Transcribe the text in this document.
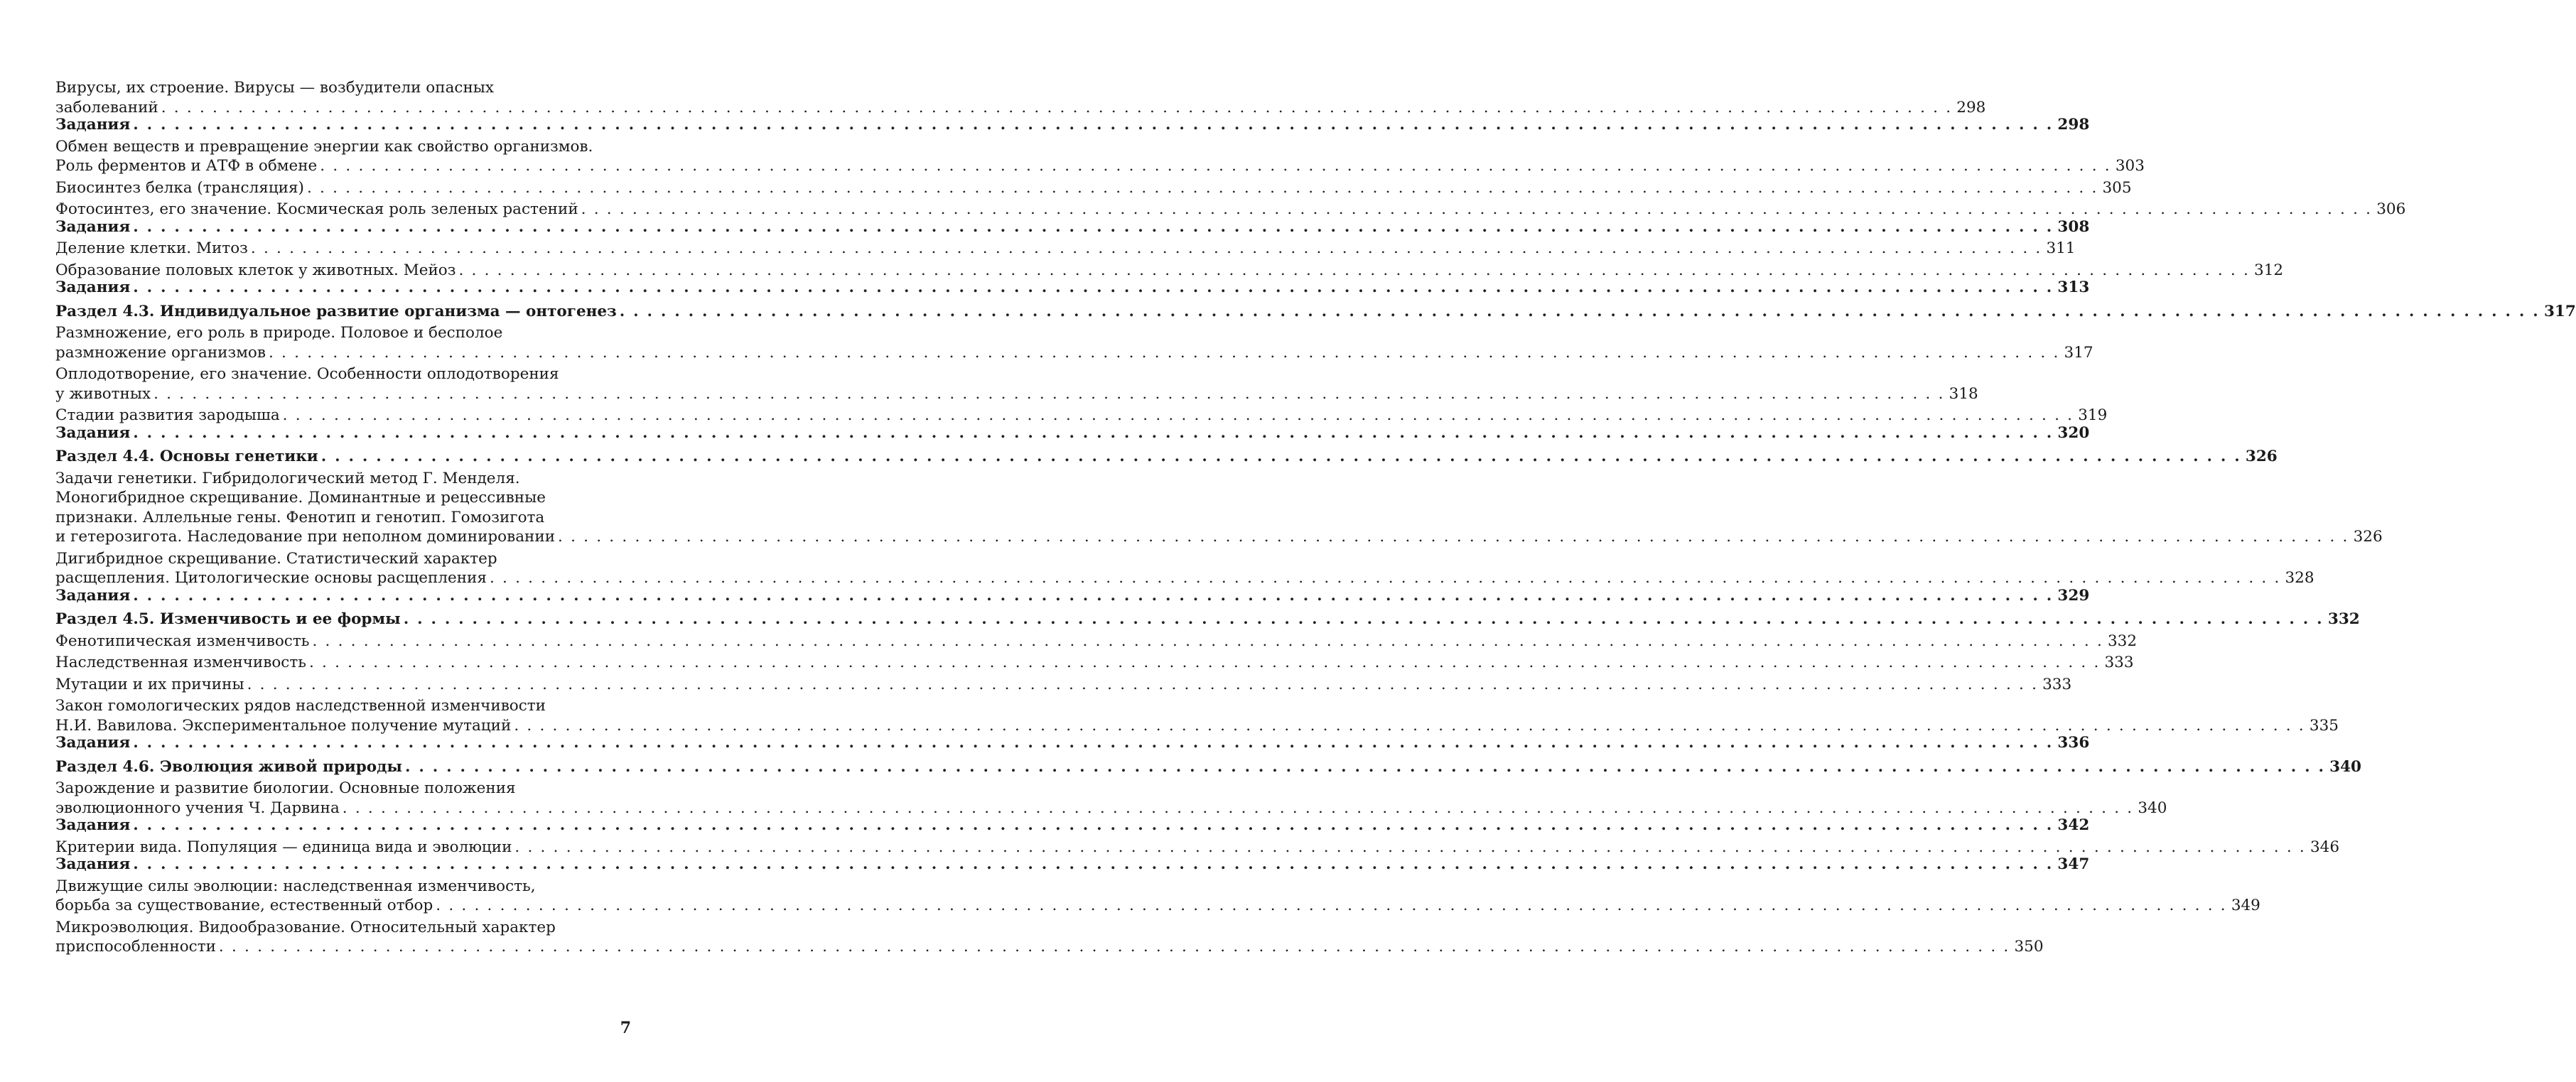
Вирусы, их строение. Вирусы — возбудители опасных
заболеваний . . .	298
Задания . . .	298
Обмен веществ и превращение энергии как свойство организмов.
Роль ферментов и АТФ в обмене . . .	303
Биосинтез белка (трансляция) . . .	305
Фотосинтез, его значение. Космическая роль зеленых растений . . .	306
Задания . . .	308
Деление клетки. Митоз . . .	311
Образование половых клеток у животных. Мейоз . . .	312
Задания . . .	313
Раздел 4.3. Индивидуальное развитие организма — онтогенез . . .	317
Размножение, его роль в природе. Половое и бесполое
размножение организмов . . .	317
Оплодотворение, его значение. Особенности оплодотворения
у животных . . .	318
Стадии развития зародыша . . .	319
Задания . . .	320
Раздел 4.4. Основы генетики . . .	326
Задачи генетики. Гибридологический метод Г. Менделя.
Моногибридное скрещивание. Доминантные и рецессивные
признаки. Аллельные гены. Фенотип и генотип. Гомозигота
и гетерозигота. Наследование при неполном доминировании . . .	326
Дигибридное скрещивание. Статистический характер
расщепления. Цитологические основы расщепления . . .	328
Задания . . .	329
Раздел 4.5. Изменчивость и ее формы . . .	332
Фенотипическая изменчивость . . .	332
Наследственная изменчивость . . .	333
Мутации и их причины . . .	333
Закон гомологических рядов наследственной изменчивости
Н.И. Вавилова. Экспериментальное получение мутаций . . .	335
Задания . . .	336
Раздел 4.6. Эволюция живой природы . . .	340
Зарождение и развитие биологии. Основные положения
эволюционного учения Ч. Дарвина . . .	340
Задания . . .	342
Критерии вида. Популяция — единица вида и эволюции . . .	346
Задания . . .	347
Движущие силы эволюции: наследственная изменчивость,
борьба за существование, естественный отбор . . .	349
Микроэволюция. Видообразование. Относительный характер
приспособленности . . .	350
7
